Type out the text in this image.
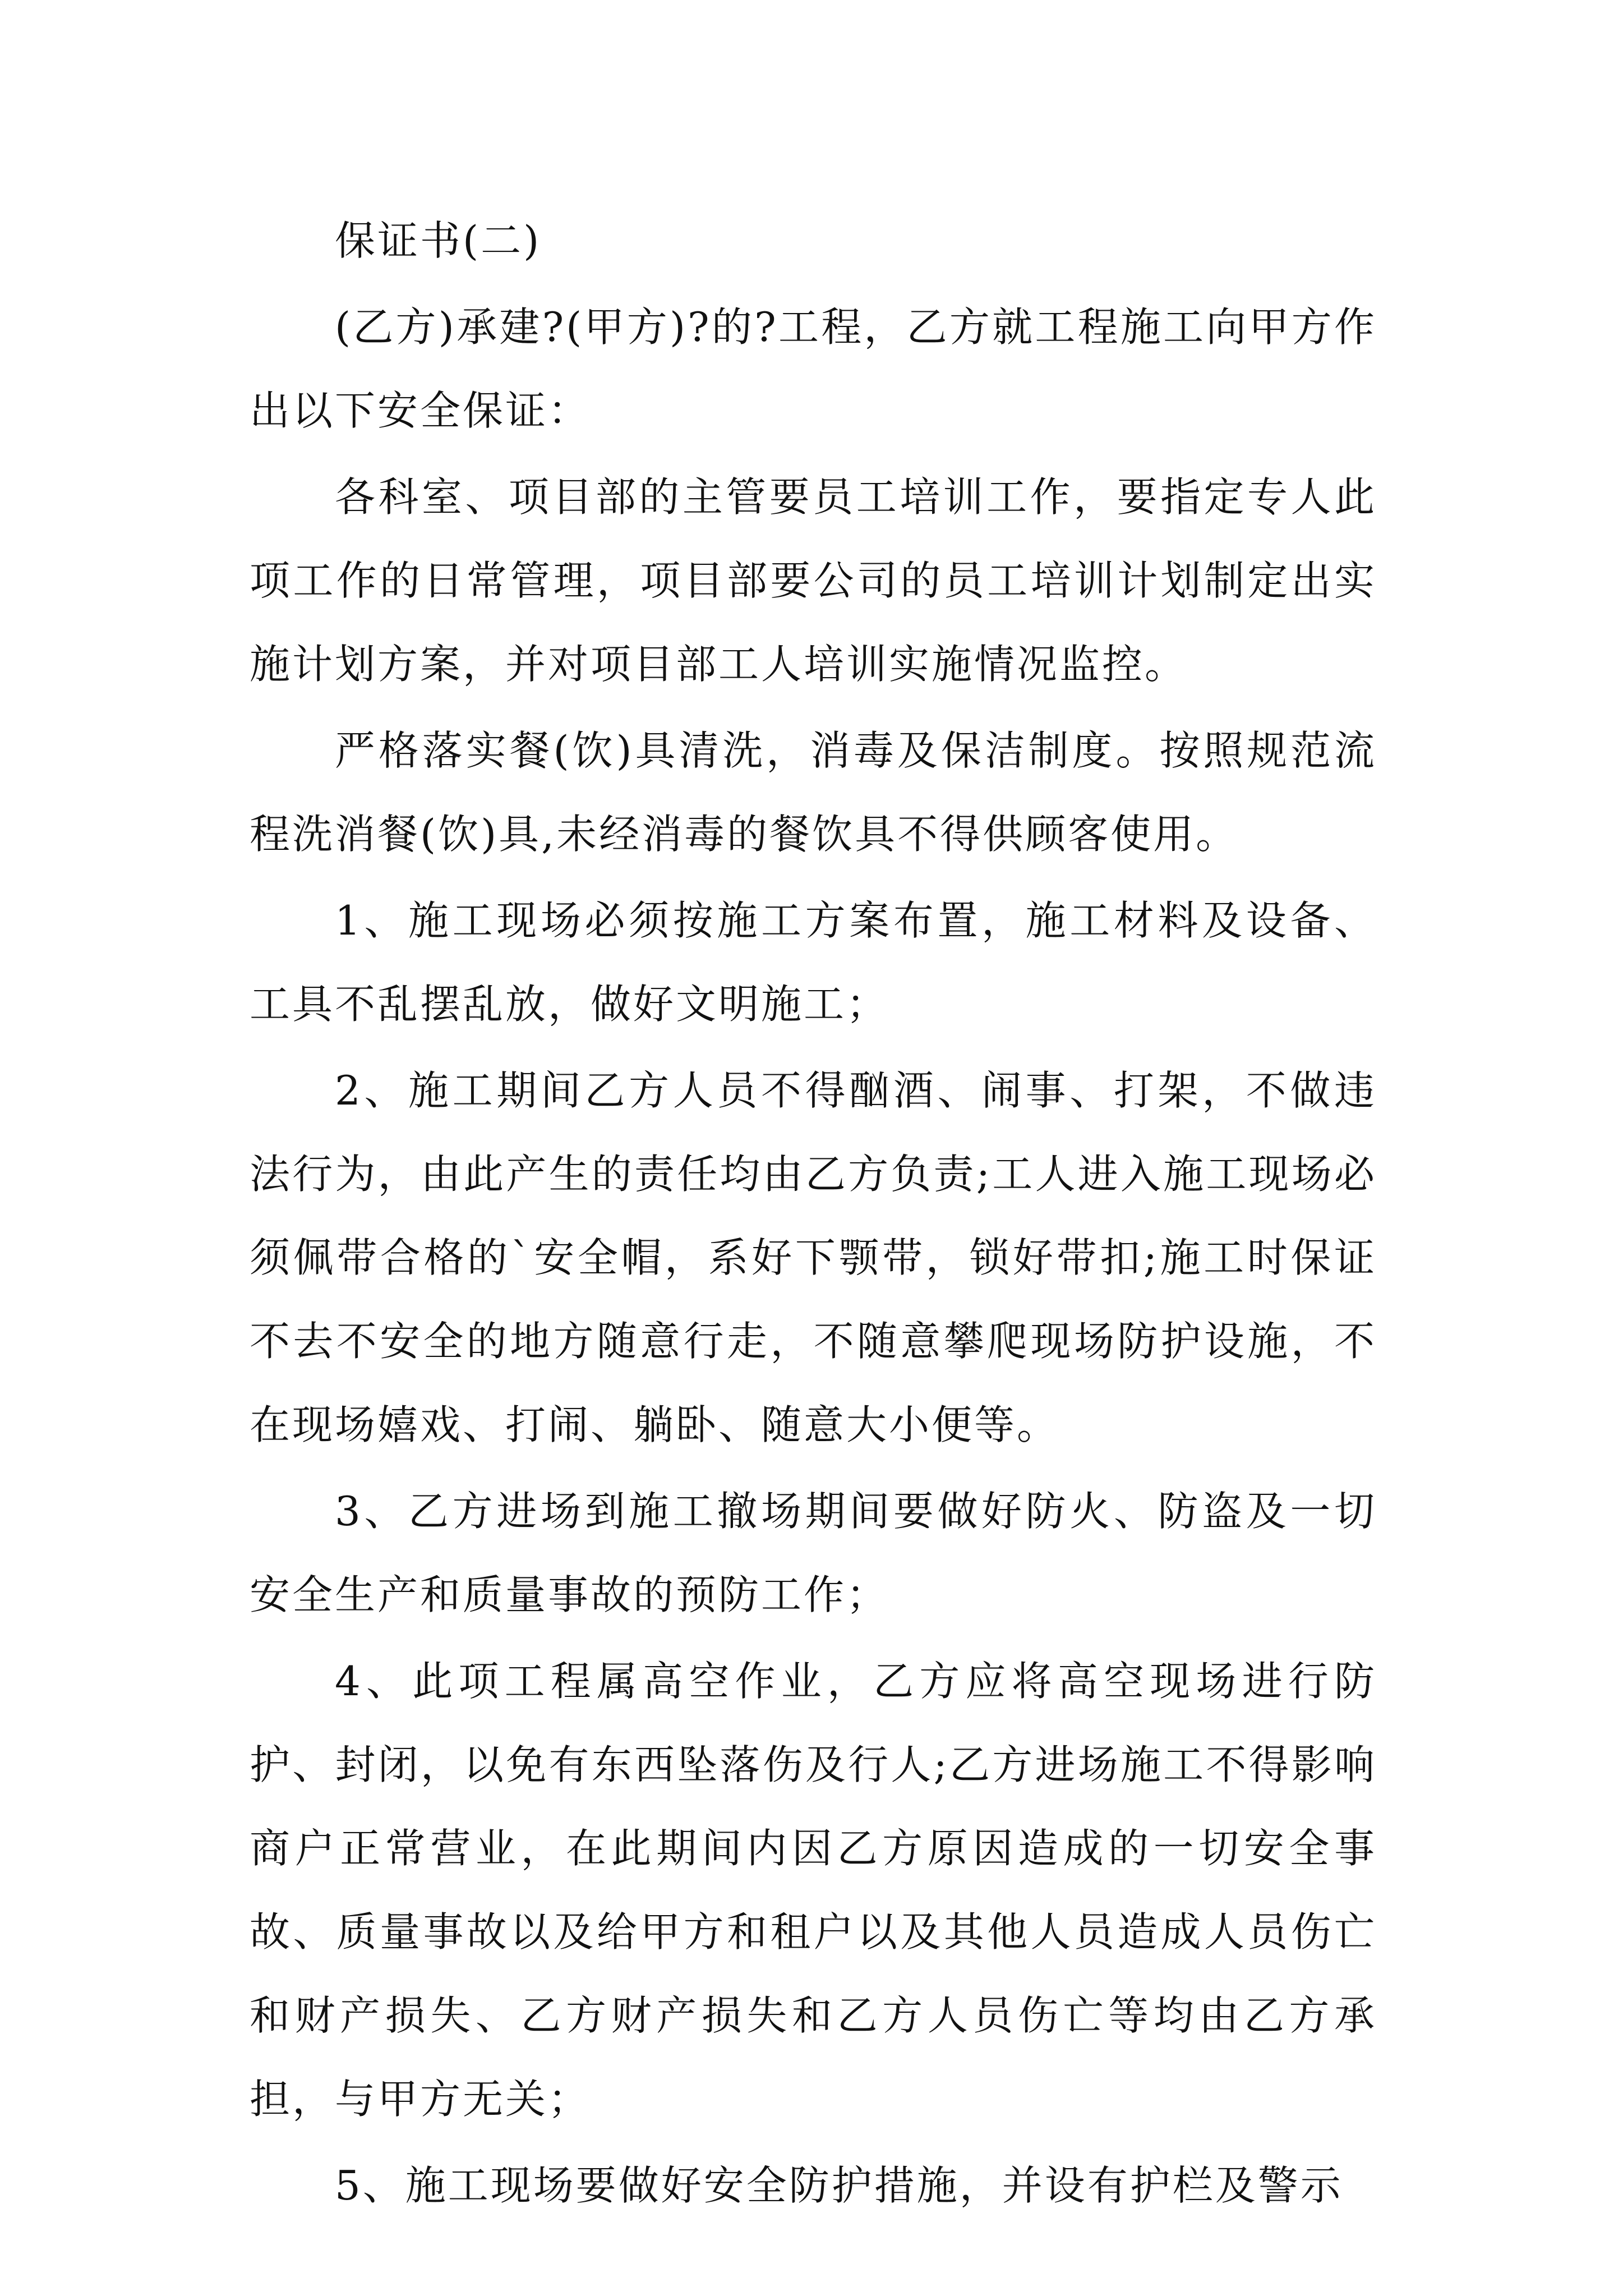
保证书(二)

(乙方)承建?(甲方)?的?工程，乙方就工程施工向甲方作出以下安全保证：

各科室、项目部的主管要员工培训工作，要指定专人此项工作的日常管理，项目部要公司的员工培训计划制定出实施计划方案，并对项目部工人培训实施情况监控。

严格落实餐(饮)具清洗，消毒及保洁制度。按照规范流程洗消餐(饮)具,未经消毒的餐饮具不得供顾客使用。

1、施工现场必须按施工方案布置，施工材料及设备、工具不乱摆乱放，做好文明施工；

2、施工期间乙方人员不得酗酒、闹事、打架，不做违法行为，由此产生的责任均由乙方负责;工人进入施工现场必须佩带合格的`安全帽，系好下颚带，锁好带扣;施工时保证不去不安全的地方随意行走，不随意攀爬现场防护设施，不在现场嬉戏、打闹、躺卧、随意大小便等。

3、乙方进场到施工撤场期间要做好防火、防盗及一切安全生产和质量事故的预防工作；

4、此项工程属高空作业，乙方应将高空现场进行防护、封闭，以免有东西坠落伤及行人;乙方进场施工不得影响商户正常营业，在此期间内因乙方原因造成的一切安全事故、质量事故以及给甲方和租户以及其他人员造成人员伤亡和财产损失、乙方财产损失和乙方人员伤亡等均由乙方承担，与甲方无关；

5、施工现场要做好安全防护措施，并设有护栏及警示
